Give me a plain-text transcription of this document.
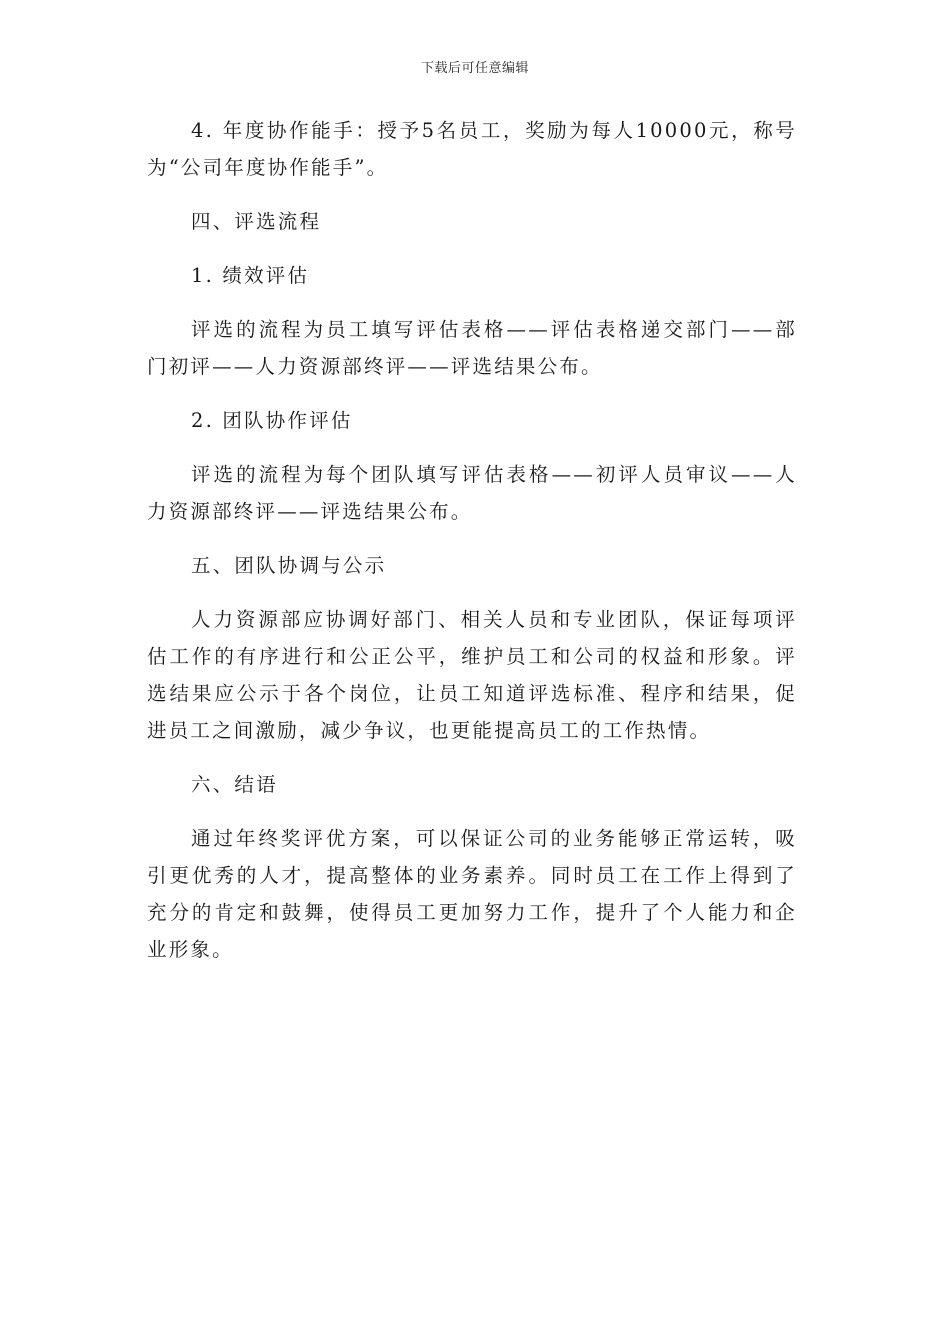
下载后可任意编辑

4. 年度协作能手：授予5名员工，奖励为每人10000元，称号为“公司年度协作能手”。

四、评选流程

1. 绩效评估

评选的流程为员工填写评估表格——评估表格递交部门——部门初评——人力资源部终评——评选结果公布。

2. 团队协作评估

评选的流程为每个团队填写评估表格——初评人员审议——人力资源部终评——评选结果公布。

五、团队协调与公示

人力资源部应协调好部门、相关人员和专业团队，保证每项评估工作的有序进行和公正公平，维护员工和公司的权益和形象。评选结果应公示于各个岗位，让员工知道评选标准、程序和结果，促进员工之间激励，减少争议，也更能提高员工的工作热情。

六、结语

通过年终奖评优方案，可以保证公司的业务能够正常运转，吸引更优秀的人才，提高整体的业务素养。同时员工在工作上得到了充分的肯定和鼓舞，使得员工更加努力工作，提升了个人能力和企业形象。
